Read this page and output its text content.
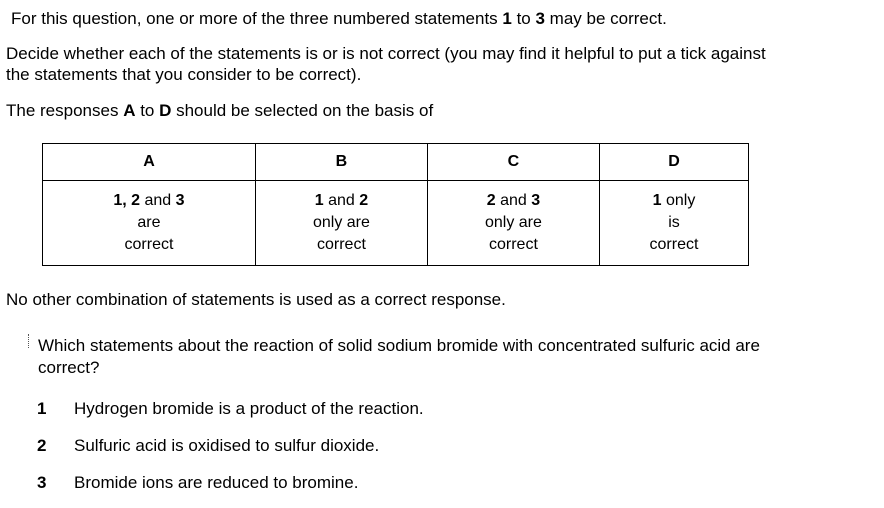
For this question, one or more of the three numbered statements 1 to 3 may be correct.
Decide whether each of the statements is or is not correct (you may find it helpful to put a tick against
the statements that you consider to be correct).
The responses A to D should be selected on the basis of
A	B	C	D

1, 2 and 3
are
correct	1 and 2
only are
correct	2 and 3
only are
correct	1 only
is
correct
No other combination of statements is used as a correct response.
Which statements about the reaction of solid sodium bromide with concentrated sulfuric acid are
correct?
1 Hydrogen bromide is a product of the reaction.
2 Sulfuric acid is oxidised to sulfur dioxide.
3 Bromide ions are reduced to bromine.
